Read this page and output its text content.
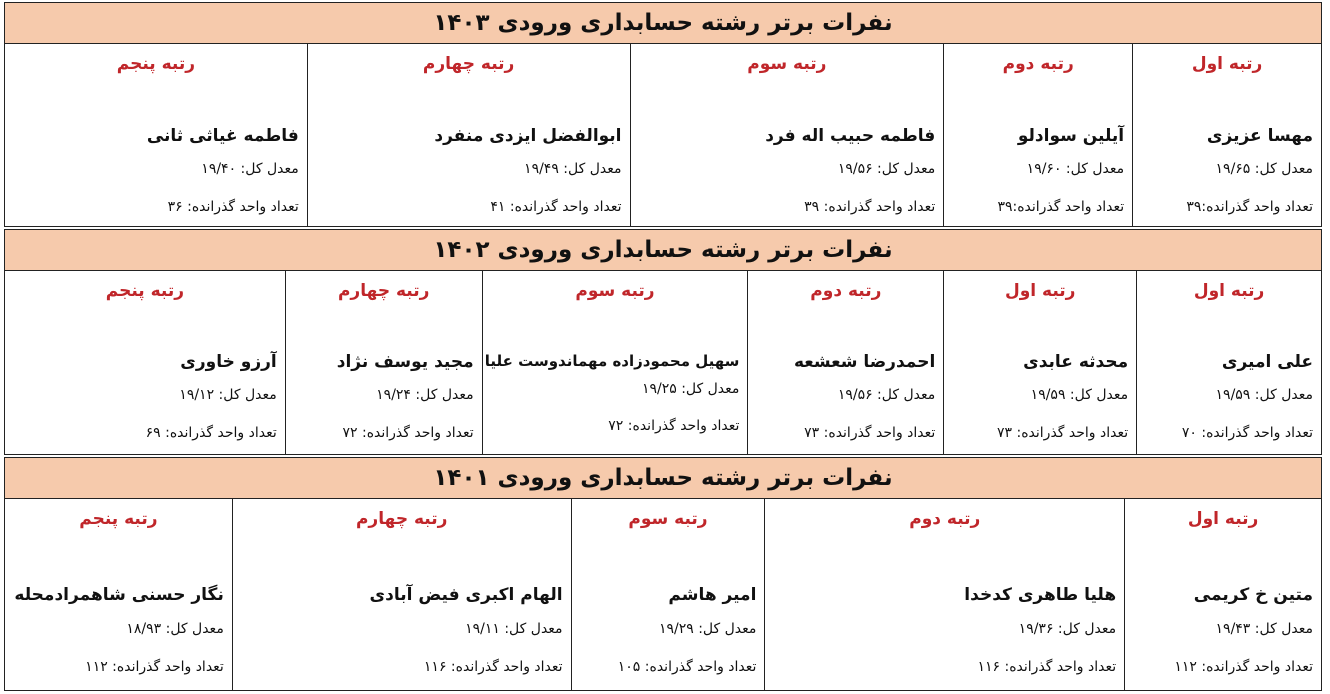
نفرات برتر رشته حسابداری ورودی ۱۴۰۳
رتبه اول
مهسا عزیزی
معدل کل: ۱۹/۶۵
تعداد واحد گذرانده:۳۹
رتبه دوم
آیلین سوادلو
معدل کل: ۱۹/۶۰
تعداد واحد گذرانده:۳۹
رتبه سوم
فاطمه حبیب اله فرد
معدل کل: ۱۹/۵۶
تعداد واحد گذرانده: ۳۹
رتبه چهارم
ابوالفضل ایزدی منفرد
معدل کل: ۱۹/۴۹
تعداد واحد گذرانده: ۴۱
رتبه پنجم
فاطمه غیاثی ثانی
معدل کل: ۱۹/۴۰
تعداد واحد گذرانده: ۳۶
نفرات برتر رشته حسابداری ورودی ۱۴۰۲
رتبه اول
علی امیری
معدل کل: ۱۹/۵۹
تعداد واحد گذرانده: ۷۰
رتبه اول
محدثه عابدی
معدل کل: ۱۹/۵۹
تعداد واحد گذرانده: ۷۳
رتبه دوم
احمدرضا شعشعه
معدل کل: ۱۹/۵۶
تعداد واحد گذرانده: ۷۳
رتبه سوم
سهیل محمودزاده مهماندوست علیا
معدل کل: ۱۹/۲۵
تعداد واحد گذرانده: ۷۲
رتبه چهارم
مجید یوسف نژاد
معدل کل: ۱۹/۲۴
تعداد واحد گذرانده: ۷۲
رتبه پنجم
آرزو خاوری
معدل کل: ۱۹/۱۲
تعداد واحد گذرانده: ۶۹
نفرات برتر رشته حسابداری ورودی ۱۴۰۱
رتبه اول
متین خ کریمی
معدل کل: ۱۹/۴۳
تعداد واحد گذرانده: ۱۱۲
رتبه دوم
هلیا طاهری کدخدا
معدل کل: ۱۹/۳۶
تعداد واحد گذرانده: ۱۱۶
رتبه سوم
امیر هاشم
معدل کل: ۱۹/۲۹
تعداد واحد گذرانده: ۱۰۵
رتبه چهارم
الهام اکبری فیض آبادی
معدل کل: ۱۹/۱۱
تعداد واحد گذرانده: ۱۱۶
رتبه پنجم
نگار حسنی شاهمرادمحله
معدل کل: ۱۸/۹۳
تعداد واحد گذرانده: ۱۱۲
